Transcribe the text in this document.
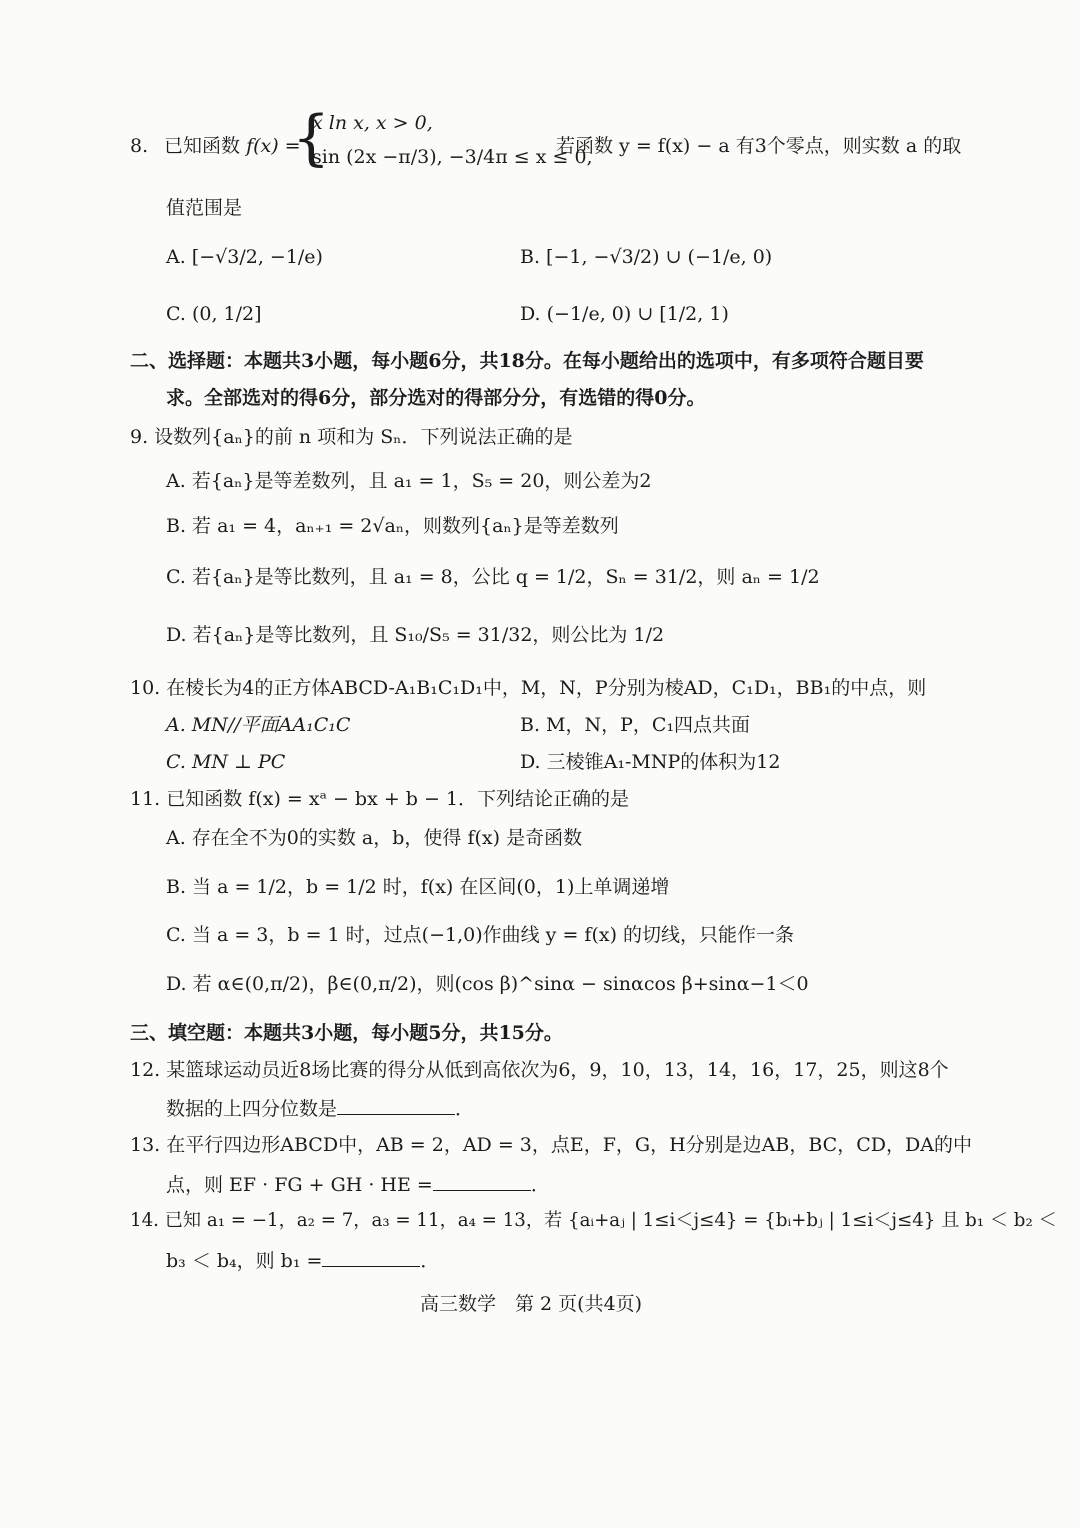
8. 已知函数 f(x) =
{
x ln x, x > 0,
sin (2x −π/3), −3/4π ≤ x ≤ 0,
若函数 y = f(x) − a 有3个零点，则实数 a 的取
值范围是
A. [−√3/2, −1/e)	B. [−1, −√3/2) ∪ (−1/e, 0)
C. (0, 1/2]	D. (−1/e, 0) ∪ [1/2, 1)
二、选择题：本题共3小题，每小题6分，共18分。在每小题给出的选项中，有多项符合题目要
求。全部选对的得6分，部分选对的得部分分，有选错的得0分。
9. 设数列{aₙ}的前 n 项和为 Sₙ．下列说法正确的是
A. 若{aₙ}是等差数列，且 a₁ = 1，S₅ = 20，则公差为2
B. 若 a₁ = 4，aₙ₊₁ = 2√aₙ，则数列{aₙ}是等差数列
C. 若{aₙ}是等比数列，且 a₁ = 8，公比 q = 1/2，Sₙ = 31/2，则 aₙ = 1/2
D. 若{aₙ}是等比数列，且 S₁₀/S₅ = 31/32，则公比为 1/2
10. 在棱长为4的正方体ABCD-A₁B₁C₁D₁中，M，N，P分别为棱AD，C₁D₁，BB₁的中点，则
A. MN//平面AA₁C₁C	B. M，N，P，C₁四点共面
C. MN ⊥ PC	D. 三棱锥A₁-MNP的体积为12
11. 已知函数 f(x) = xᵃ − bx + b − 1．下列结论正确的是
A. 存在全不为0的实数 a，b，使得 f(x) 是奇函数
B. 当 a = 1/2，b = 1/2 时，f(x) 在区间(0，1)上单调递增
C. 当 a = 3，b = 1 时，过点(−1,0)作曲线 y = f(x) 的切线，只能作一条
D. 若 α∈(0,π/2)，β∈(0,π/2)，则(cos β)^sinα − sinαcos β+sinα−1＜0
三、填空题：本题共3小题，每小题5分，共15分。
12. 某篮球运动员近8场比赛的得分从低到高依次为6，9，10，13，14，16，17，25，则这8个
数据的上四分位数是	．
13. 在平行四边形ABCD中，AB = 2，AD = 3，点E，F，G，H分别是边AB，BC，CD，DA的中
点，则 EF · FG + GH · HE =	．
14. 已知 a₁ = −1，a₂ = 7，a₃ = 11，a₄ = 13，若 {aᵢ+aⱼ | 1≤i＜j≤4} = {bᵢ+bⱼ | 1≤i＜j≤4} 且 b₁ ＜ b₂ ＜
b₃ ＜ b₄，则 b₁ =	．
高三数学　第 2 页(共4页)
